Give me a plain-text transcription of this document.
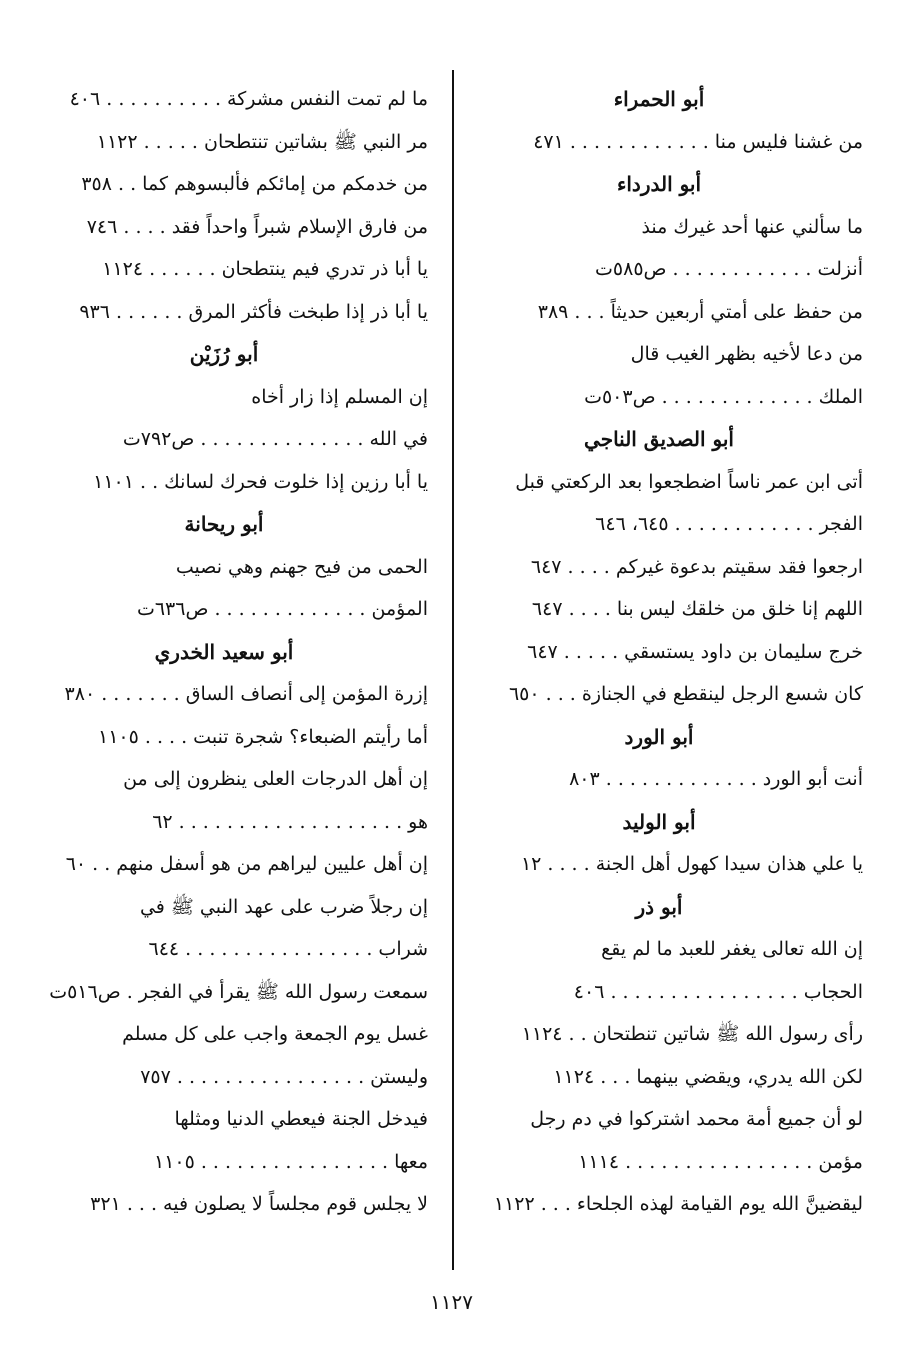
أبو الحمراء
من غشنا فليس منا . . . . . . . . . . . . ٤٧١
أبو الدرداء
ما سألني عنها أحد غيرك منذ
أنزلت . . . . . . . . . . . . ص٥٨٥ت
من حفظ على أمتي أربعين حديثاً . . . ٣٨٩
من دعا لأخيه بظهر الغيب قال
الملك . . . . . . . . . . . . . ص٥٠٣ت
أبو الصديق الناجي
أتى ابن عمر ناساً اضطجعوا بعد الركعتي قبل
الفجر . . . . . . . . . . . . ٦٤٥، ٦٤٦
ارجعوا فقد سقيتم بدعوة غيركم . . . . ٦٤٧
اللهم إنا خلق من خلقك ليس بنا . . . . ٦٤٧
خرج سليمان بن داود يستسقي . . . . . ٦٤٧
كان شسع الرجل لينقطع في الجنازة . . . ٦٥٠
أبو الورد
أنت أبو الورد . . . . . . . . . . . . . ٨٠٣
أبو الوليد
يا علي هذان سيدا كهول أهل الجنة . . . . ١٢
أبو ذر
إن الله تعالى يغفر للعبد ما لم يقع
الحجاب . . . . . . . . . . . . . . . . ٤٠٦
رأى رسول الله ﷺ شاتين تنطتحان . . ١١٢٤
لكن الله يدري، ويقضي بينهما . . . ١١٢٤
لو أن جميع أمة محمد اشتركوا في دم رجل
مؤمن . . . . . . . . . . . . . . . . ١١١٤
ليقضينَّ الله يوم القيامة لهذه الجلحاء . . . ١١٢٢
ما لم تمت النفس مشركة . . . . . . . . . . ٤٠٦
مر النبي ﷺ بشاتين تنتطحان . . . . . ١١٢٢
من خدمكم من إمائكم فألبسوهم كما . . ٣٥٨
من فارق الإسلام شبراً واحداً فقد . . . . ٧٤٦
يا أبا ذر تدري فيم ينتطحان . . . . . . ١١٢٤
يا أبا ذر إذا طبخت فأكثر المرق . . . . . . ٩٣٦
أبو رُزَيْن
إن المسلم إذا زار أخاه
في الله . . . . . . . . . . . . . . ص٧٩٢ت
يا أبا رزين إذا خلوت فحرك لسانك . . ١١٠١
أبو ريحانة
الحمى من فيح جهنم وهي نصيب
المؤمن . . . . . . . . . . . . . ص٦٣٦ت
أبو سعيد الخدري
إزرة المؤمن إلى أنصاف الساق . . . . . . . ٣٨٠
أما رأيتم الضبعاء؟ شجرة تنبت . . . . ١١٠٥
إن أهل الدرجات العلى ينظرون إلى من
هو . . . . . . . . . . . . . . . . . . . ٦٢
إن أهل عليين ليراهم من هو أسفل منهم . . ٦٠
إن رجلاً ضرب على عهد النبي ﷺ في
شراب . . . . . . . . . . . . . . . . ٦٤٤
سمعت رسول الله ﷺ يقرأ في الفجر . ص٥١٦ت
غسل يوم الجمعة واجب على كل مسلم
وليستن . . . . . . . . . . . . . . . . ٧٥٧
فيدخل الجنة فيعطي الدنيا ومثلها
معها . . . . . . . . . . . . . . . . ١١٠٥
لا يجلس قوم مجلساً لا يصلون فيه . . . ٣٢١
١١٢٧
